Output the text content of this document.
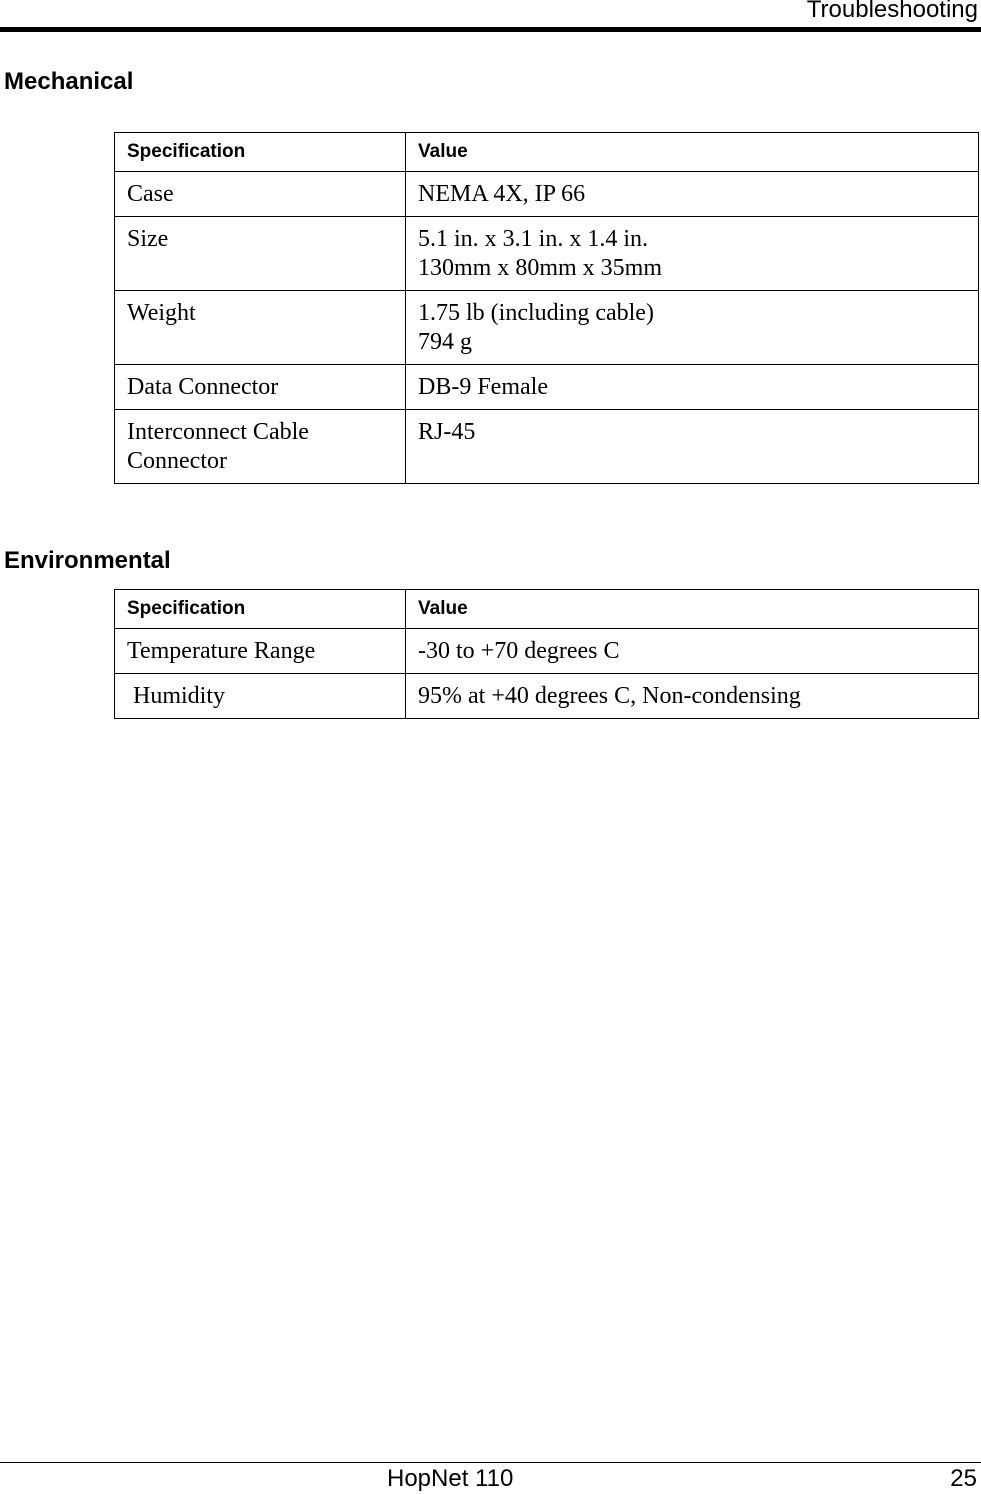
Troubleshooting
Mechanical
Specification	Value
Case	NEMA 4X, IP 66

Size	5.1 in. x 3.1 in. x 1.4 in.
130mm x 80mm x 35mm

Weight	1.75 lb (including cable)
794 g

Data Connector	DB-9 Female

Interconnect Cable Connector	RJ-45
Environmental
Specification	Value
Temperature Range	-30 to +70 degrees C

Humidity	95% at +40 degrees C, Non-condensing
HopNet 110	25
